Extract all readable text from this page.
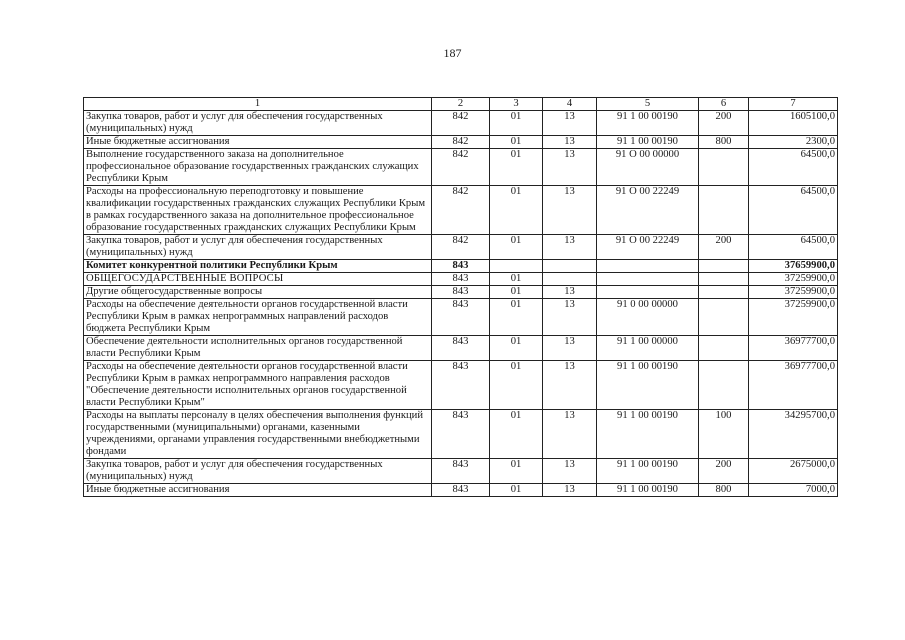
187
1	2	3	4	5	6	7
Закупка товаров, работ и услуг для обеспечения государственных (муниципальных) нужд	842	01	13	91 1 00 00190	200	1605100,0
Иные бюджетные ассигнования	842	01	13	91 1 00 00190	800	2300,0
Выполнение государственного заказа на дополнительное профессиональное образование государственных гражданских служащих Республики Крым	842	01	13	91 О 00 00000		64500,0
Расходы на профессиональную переподготовку и повышение квалификации государственных гражданских служащих Республики Крым в рамках государственного заказа на дополнительное профессиональное образование государственных гражданских служащих Республики Крым	842	01	13	91 О 00 22249		64500,0
Закупка товаров, работ и услуг для обеспечения государственных (муниципальных) нужд	842	01	13	91 О 00 22249	200	64500,0
Комитет конкурентной политики Республики Крым	843					37659900,0
ОБЩЕГОСУДАРСТВЕННЫЕ ВОПРОСЫ	843	01				37259900,0
Другие общегосударственные вопросы	843	01	13			37259900,0
Расходы на обеспечение деятельности органов государственной власти Республики Крым в рамках непрограммных направлений расходов бюджета Республики Крым	843	01	13	91 0 00 00000		37259900,0
Обеспечение деятельности исполнительных органов государственной власти Республики Крым	843	01	13	91 1 00 00000		36977700,0
Расходы на обеспечение деятельности органов государственной власти Республики Крым в рамках непрограммного направления расходов "Обеспечение деятельности исполнительных органов государственной власти Республики Крым"	843	01	13	91 1 00 00190		36977700,0
Расходы на выплаты персоналу в целях обеспечения выполнения функций государственными (муниципальными) органами, казенными учреждениями, органами управления государственными внебюджетными фондами	843	01	13	91 1 00 00190	100	34295700,0
Закупка товаров, работ и услуг для обеспечения государственных (муниципальных) нужд	843	01	13	91 1 00 00190	200	2675000,0
Иные бюджетные ассигнования	843	01	13	91 1 00 00190	800	7000,0
